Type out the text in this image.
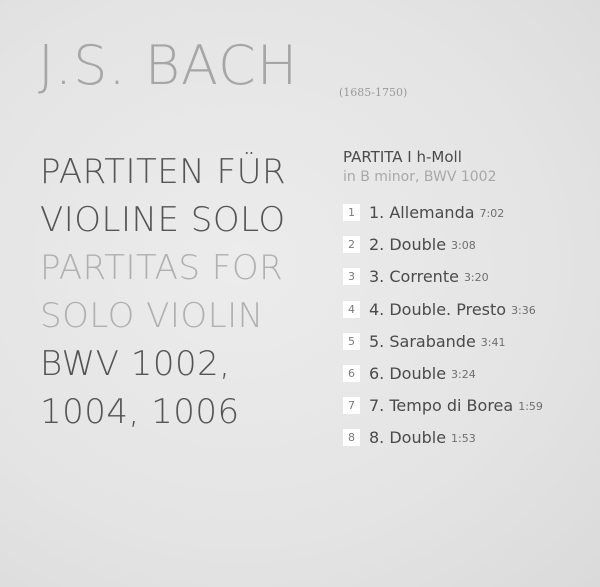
J.S. BACH	(1685-1750)
PARTITEN FÜR
VIOLINE SOLO
PARTITAS FOR
SOLO VIOLIN
BWV 1002,
1004, 1006
PARTITA I h-Moll
in B minor, BWV 1002
1 1. Allemanda 7:02
2 2. Double 3:08
3 3. Corrente 3:20
4 4. Double. Presto 3:36
5 5. Sarabande 3:41
6 6. Double 3:24
7 7. Tempo di Borea 1:59
8 8. Double 1:53
